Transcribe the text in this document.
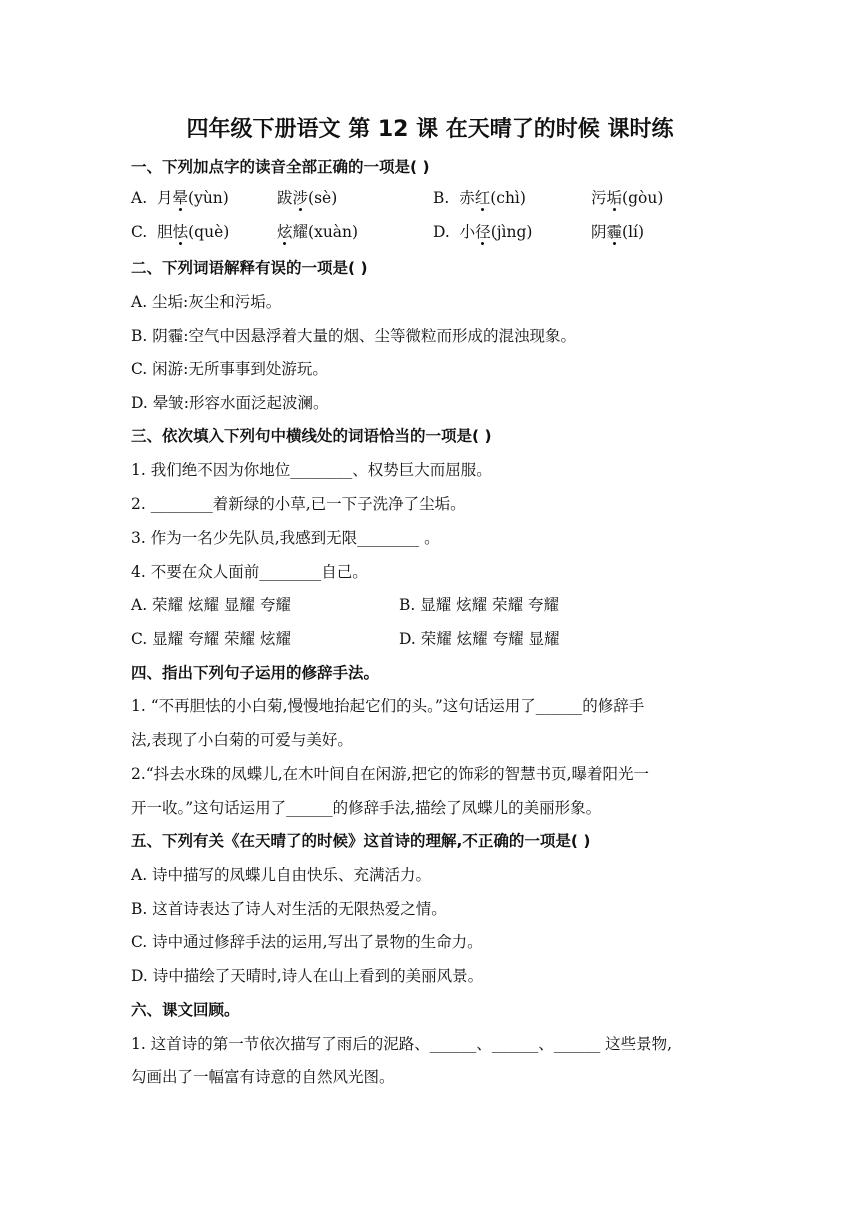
四年级下册语文 第 12 课 在天晴了的时候 课时练
一、下列加点字的读音全部正确的一项是( )
A. 月晕(yùn)	跋涉(sè)	B. 赤红(chì)	污垢(gòu)
C. 胆怯(què)	炫耀(xuàn)	D. 小径(jìng)	阴霾(lí)
二、下列词语解释有误的一项是( )
A. 尘垢:灰尘和污垢。
B. 阴霾:空气中因悬浮着大量的烟、尘等微粒而形成的混浊现象。
C. 闲游:无所事事到处游玩。
D. 晕皱:形容水面泛起波澜。
三、依次填入下列句中横线处的词语恰当的一项是( )
1. 我们绝不因为你地位________、权势巨大而屈服。
2. ________着新绿的小草,已一下子洗净了尘垢。
3. 作为一名少先队员,我感到无限________ 。
4. 不要在众人面前________自己。
A. 荣耀 炫耀 显耀 夸耀	B. 显耀 炫耀 荣耀 夸耀
C. 显耀 夸耀 荣耀 炫耀	D. 荣耀 炫耀 夸耀 显耀
四、指出下列句子运用的修辞手法。
1. “不再胆怯的小白菊,慢慢地抬起它们的头。”这句话运用了______的修辞手
法,表现了小白菊的可爱与美好。
2.“抖去水珠的凤蝶儿,在木叶间自在闲游,把它的饰彩的智慧书页,曝着阳光一
开一收。”这句话运用了______的修辞手法,描绘了凤蝶儿的美丽形象。
五、下列有关《在天晴了的时候》这首诗的理解,不正确的一项是( )
A. 诗中描写的凤蝶儿自由快乐、充满活力。
B. 这首诗表达了诗人对生活的无限热爱之情。
C. 诗中通过修辞手法的运用,写出了景物的生命力。
D. 诗中描绘了天晴时,诗人在山上看到的美丽风景。
六、课文回顾。
1. 这首诗的第一节依次描写了雨后的泥路、______、______、______ 这些景物,
勾画出了一幅富有诗意的自然风光图。
